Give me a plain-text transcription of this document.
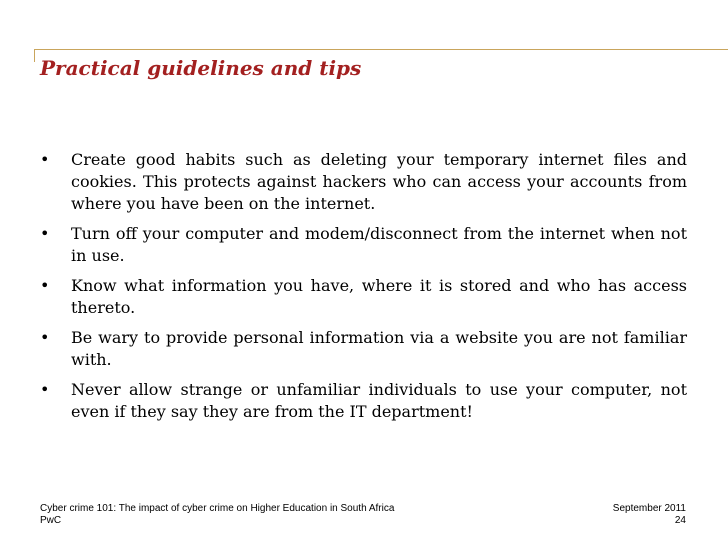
Practical guidelines and tips
• Create good habits such as deleting your temporary internet files and cookies. This protects against hackers who can access your accounts from where you have been on the internet.
• Turn off your computer and modem/disconnect from the internet when not in use.
• Know what information you have, where it is stored and who has access thereto.
• Be wary to provide personal information via a website you are not familiar with.
• Never allow strange or unfamiliar individuals to use your computer, not even if they say they are from the IT department!
Cyber crime 101: The impact of cyber crime on Higher Education in South Africa
PwC
September 2011
24
